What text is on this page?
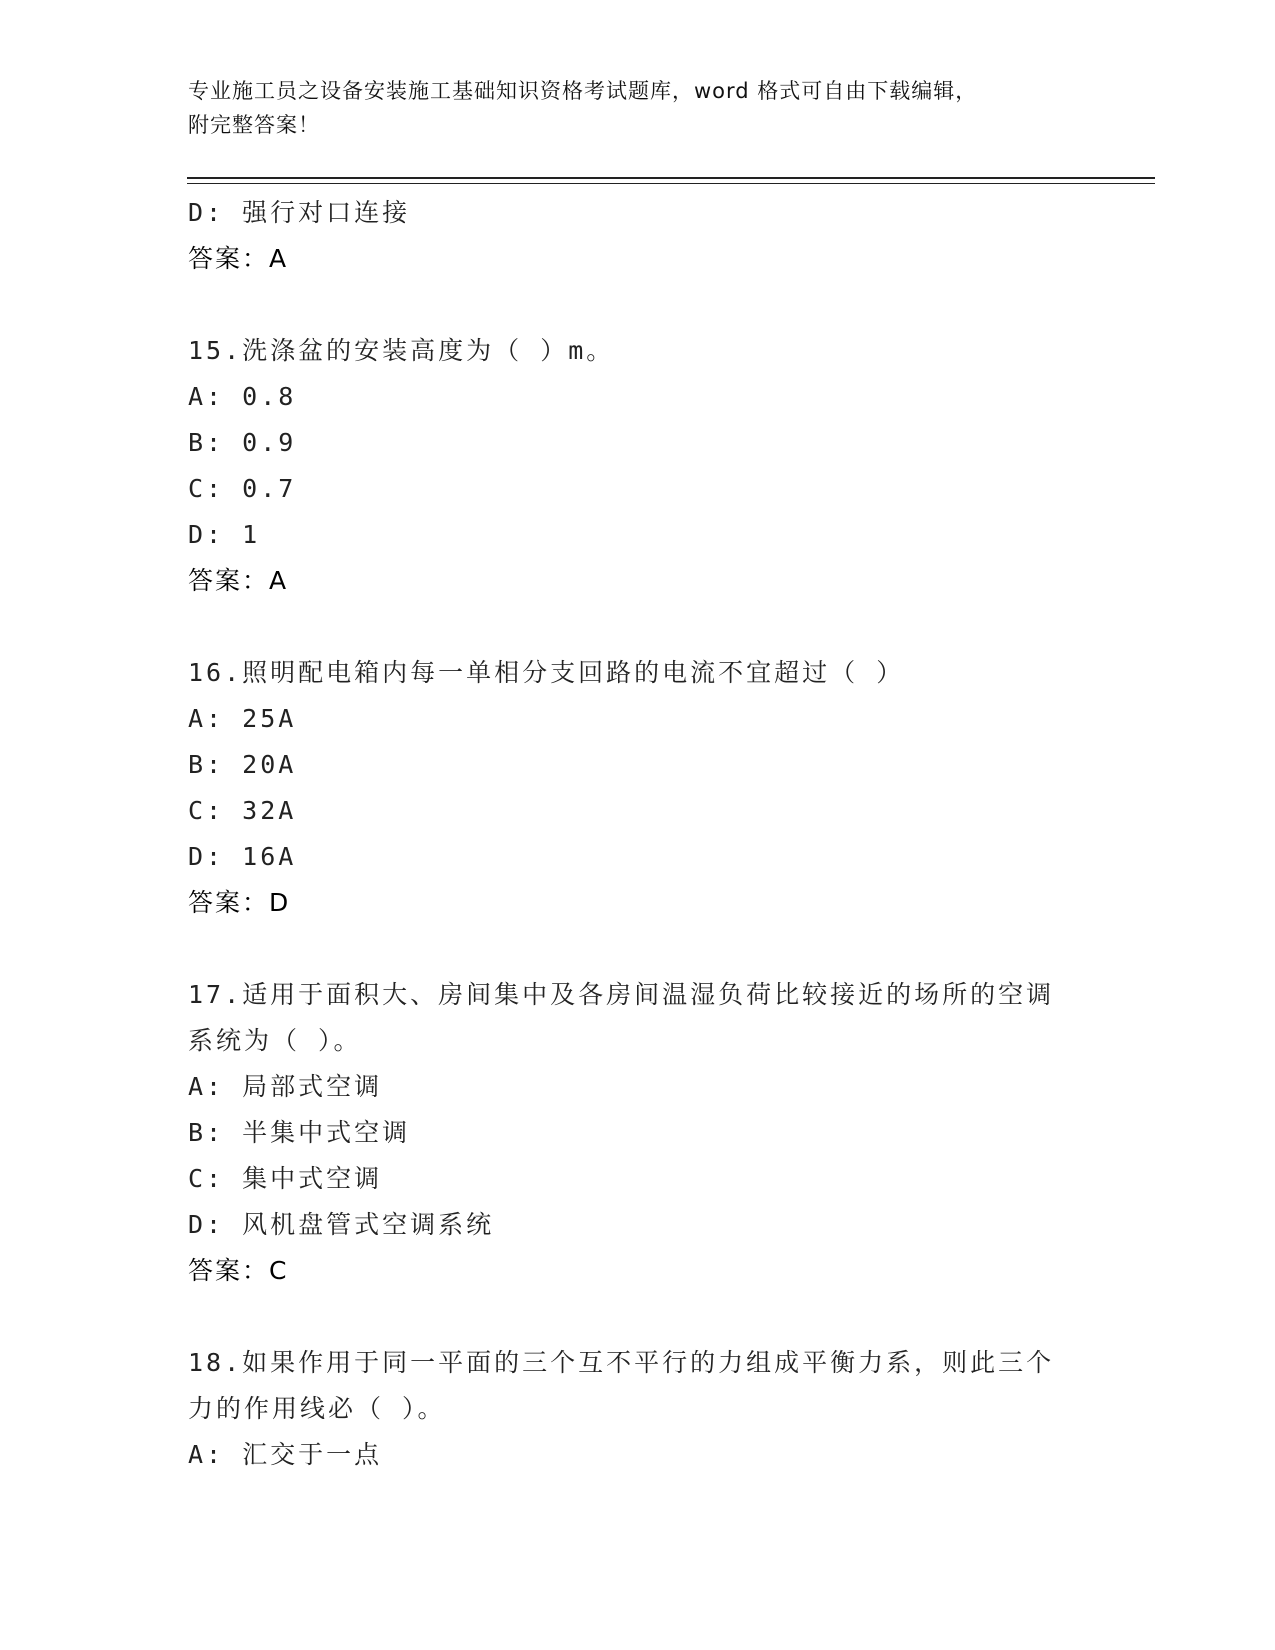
专业施工员之设备安装施工基础知识资格考试题库，word 格式可自由下载编辑，
附完整答案！
D: 强行对口连接
答案：A
15.洗涤盆的安装高度为（ ）m。
A: 0.8
B: 0.9
C: 0.7
D: 1
答案：A
16.照明配电箱内每一单相分支回路的电流不宜超过（ ）
A: 25A
B: 20A
C: 32A
D: 16A
答案：D
17.适用于面积大、房间集中及各房间温湿负荷比较接近的场所的空调
系统为（ ）。
A: 局部式空调
B: 半集中式空调
C: 集中式空调
D: 风机盘管式空调系统
答案：C
18.如果作用于同一平面的三个互不平行的力组成平衡力系，则此三个
力的作用线必（ ）。
A: 汇交于一点
